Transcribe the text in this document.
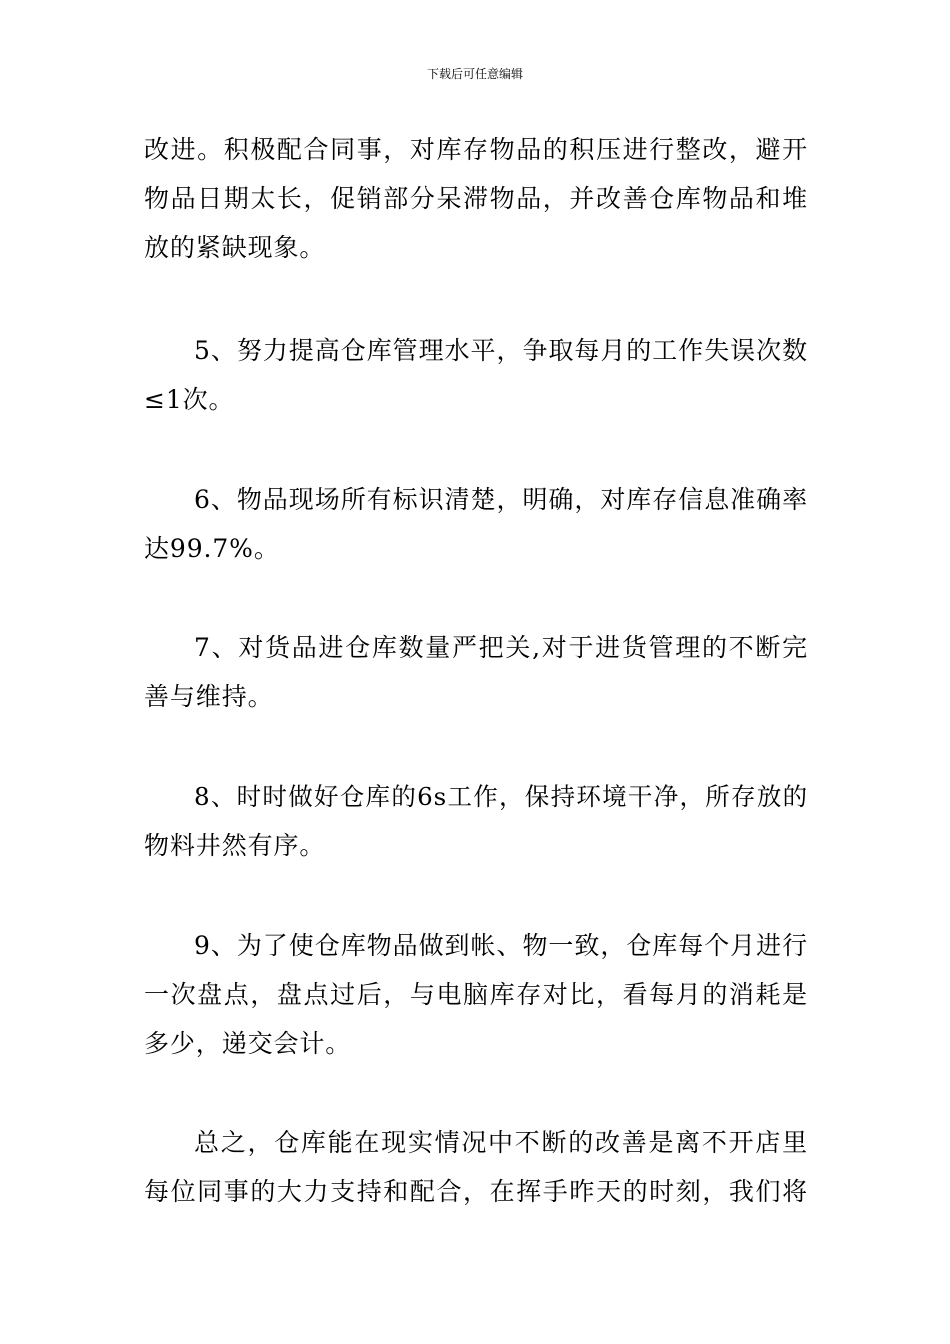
下载后可任意编辑
改进。积极配合同事，对库存物品的积压进行整改，避开
物品日期太长，促销部分呆滞物品，并改善仓库物品和堆
放的紧缺现象。
5、努力提高仓库管理水平，争取每月的工作失误次数
≤1次。
6、物品现场所有标识清楚，明确，对库存信息准确率
达99.7%。
7、对货品进仓库数量严把关,对于进货管理的不断完
善与维持。
8、时时做好仓库的6s工作，保持环境干净，所存放的
物料井然有序。
9、为了使仓库物品做到帐、物一致，仓库每个月进行
一次盘点，盘点过后，与电脑库存对比，看每月的消耗是
多少，递交会计。
总之，仓库能在现实情况中不断的改善是离不开店里
每位同事的大力支持和配合，在挥手昨天的时刻，我们将
